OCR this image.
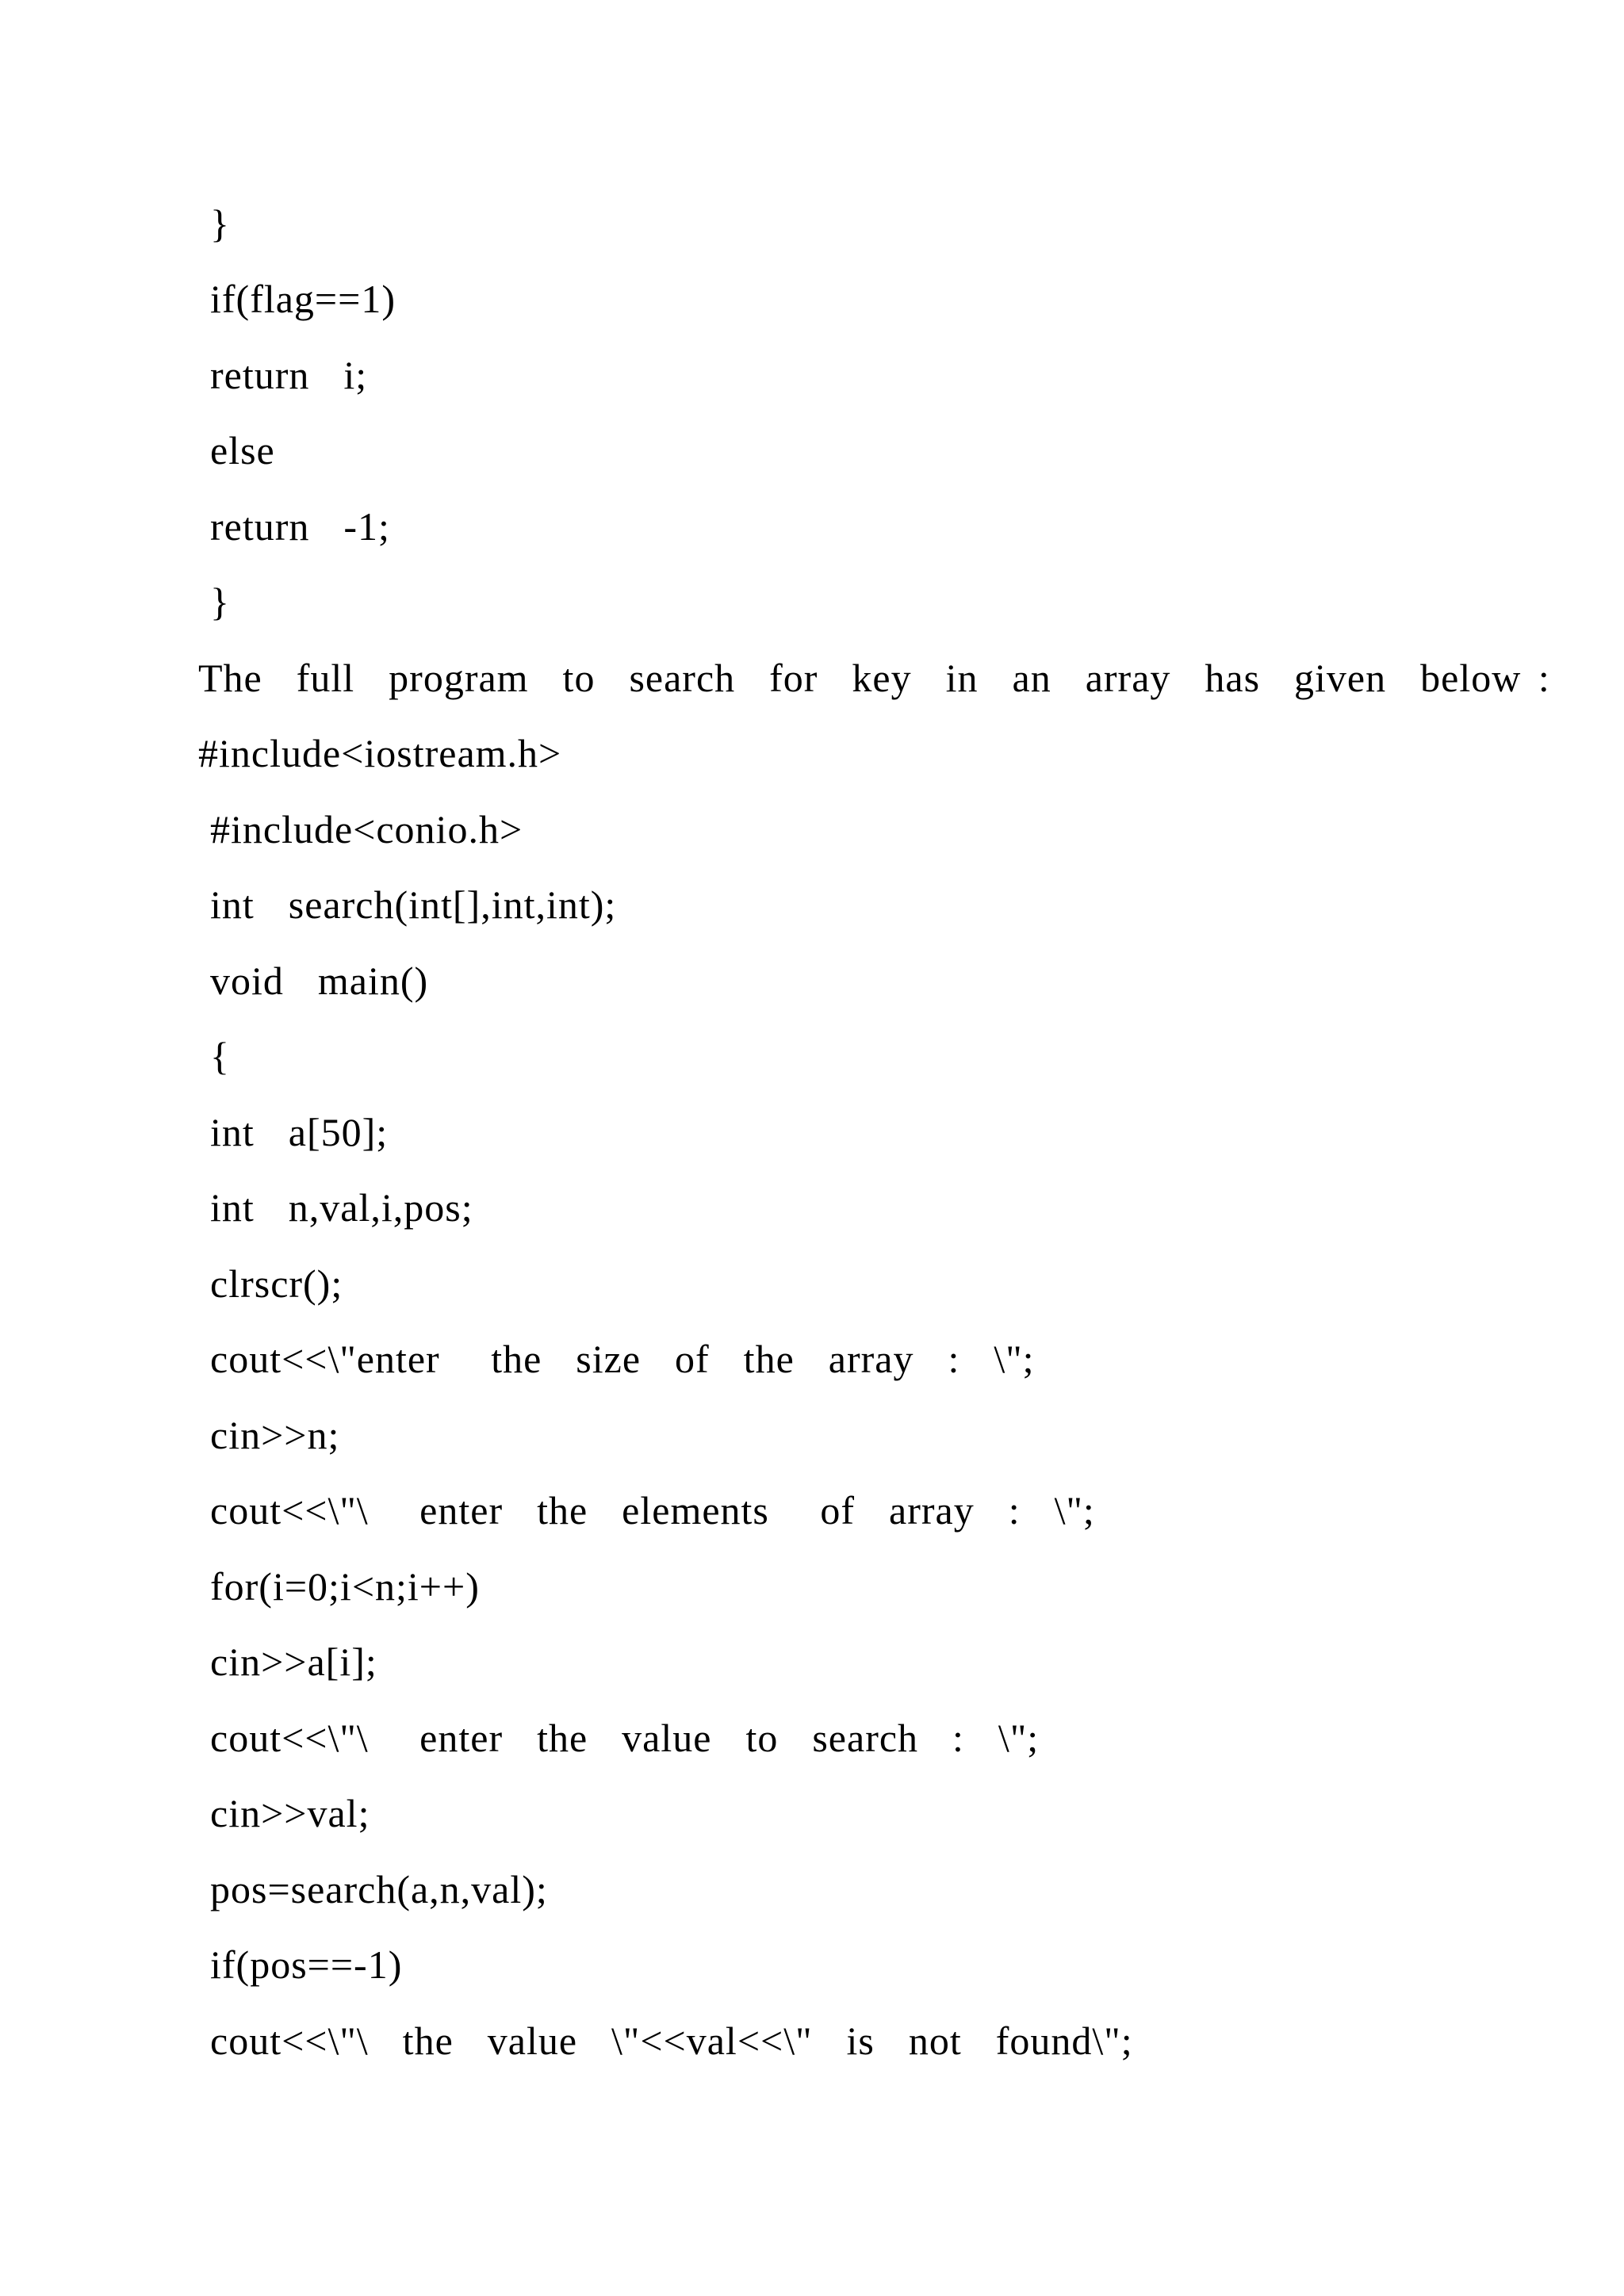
}
if(flag==1)
return  i;
else
return  -1;
}
The  full  program  to  search  for  key  in  an  array  has  given  below :
#include<iostream.h>
#include<conio.h>
int  search(int[],int,int);
void  main()
{
int  a[50];
int  n,val,i,pos;
clrscr();
cout<<\"enter   the  size  of  the  array  :  \";
cin>>n;
cout<<\"\   enter  the  elements   of  array  :  \";
for(i=0;i<n;i++)
cin>>a[i];
cout<<\"\   enter  the  value  to  search  :  \";
cin>>val;
pos=search(a,n,val);
if(pos==-1)
cout<<\"\  the  value  \"<<val<<\"  is  not  found\";
